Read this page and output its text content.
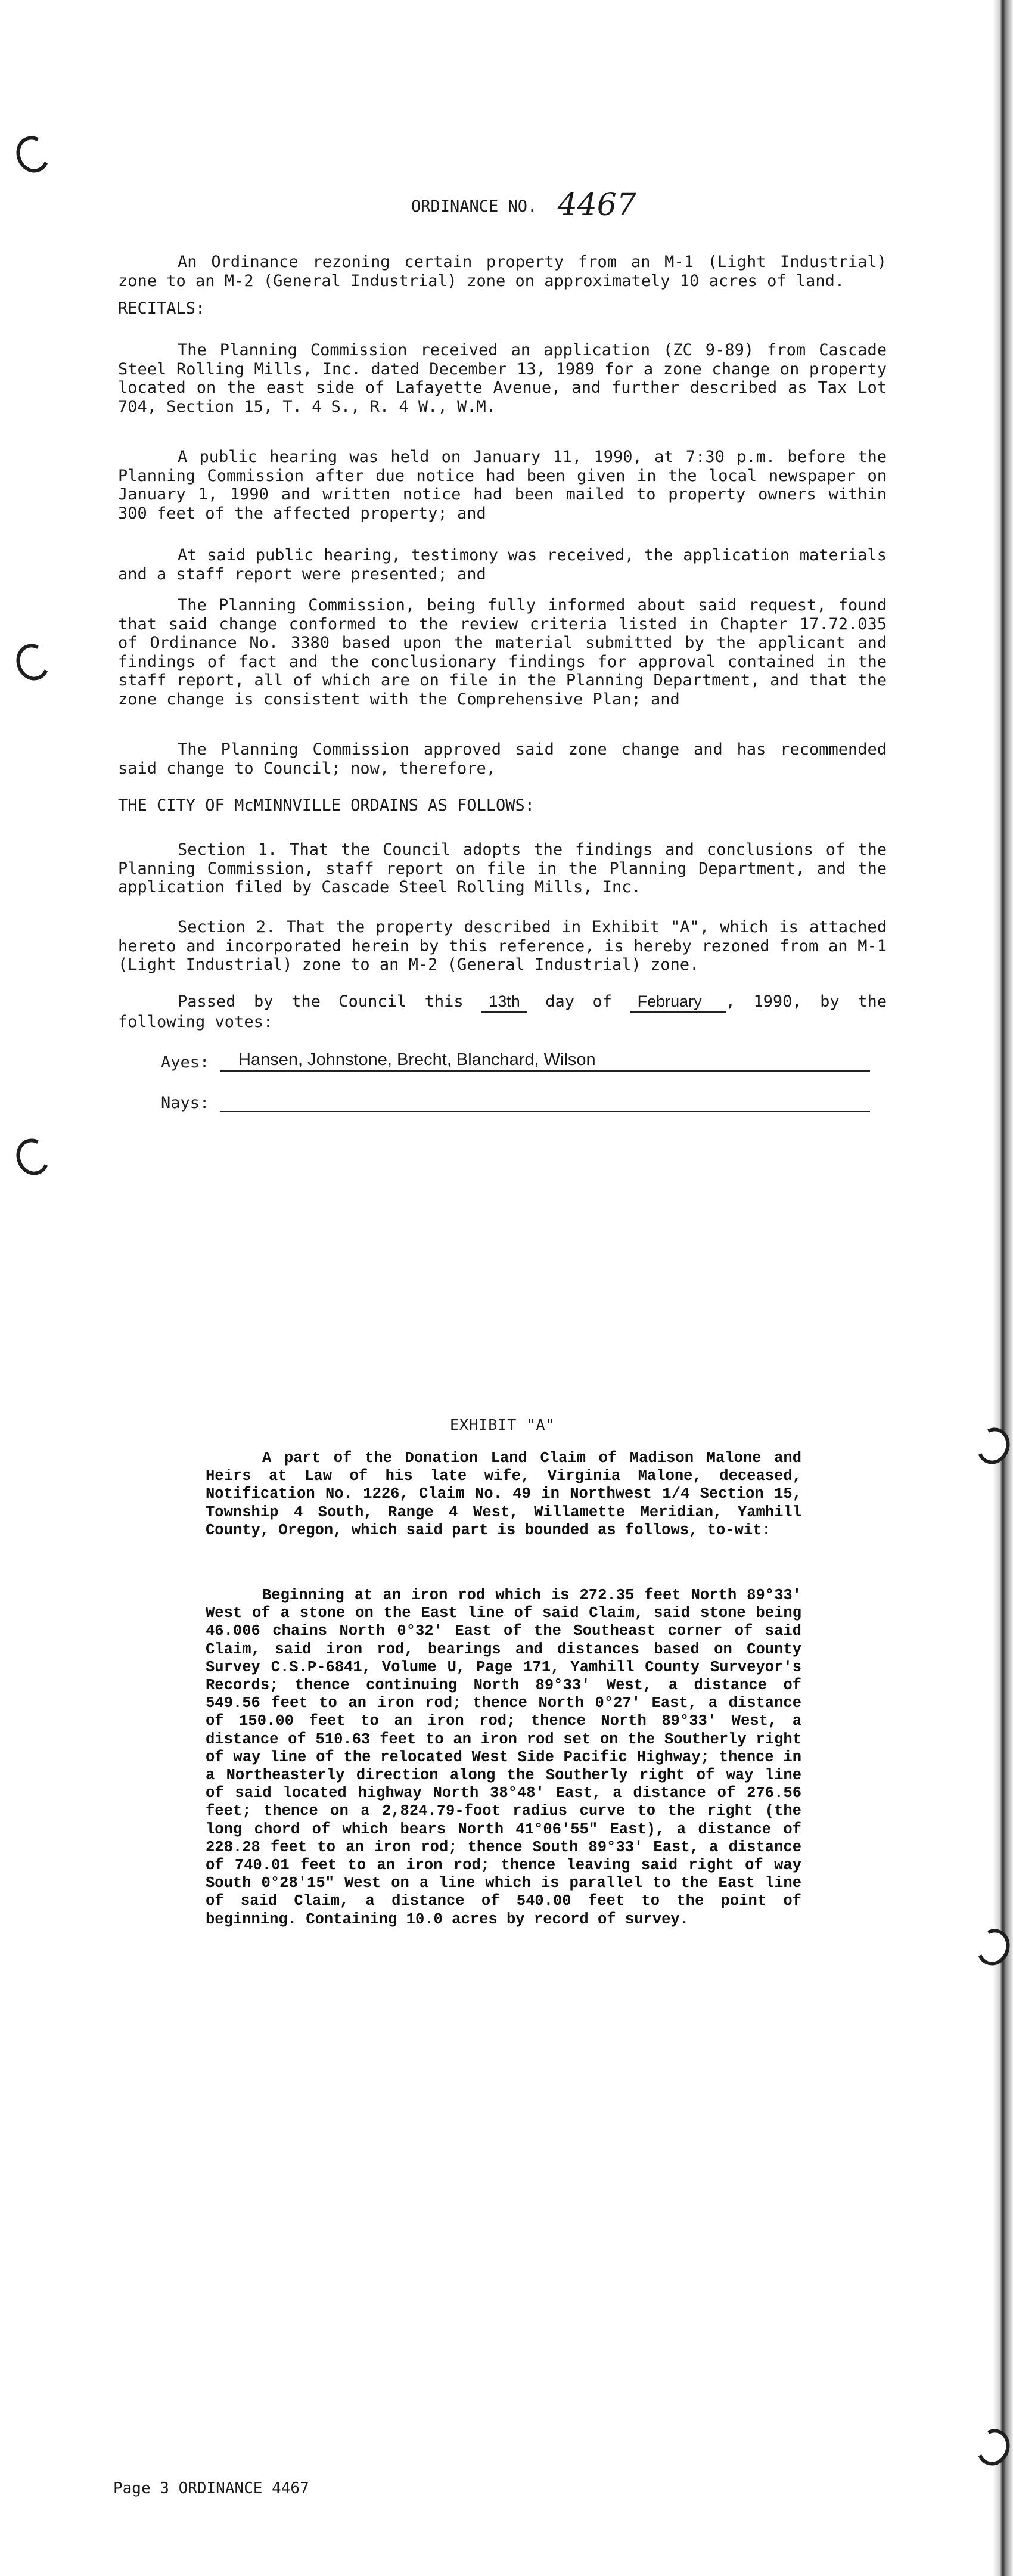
ORDINANCE NO. 4467

An Ordinance rezoning certain property from an M-1 (Light Industrial) zone to an M-2 (General Industrial) zone on approximately 10 acres of land.

RECITALS:

The Planning Commission received an application (ZC 9-89) from Cascade Steel Rolling Mills, Inc. dated December 13, 1989 for a zone change on property located on the east side of Lafayette Avenue, and further described as Tax Lot 704, Section 15, T. 4 S., R. 4 W., W.M.

A public hearing was held on January 11, 1990, at 7:30 p.m. before the Planning Commission after due notice had been given in the local newspaper on January 1, 1990 and written notice had been mailed to property owners within 300 feet of the affected property; and

At said public hearing, testimony was received, the application materials and a staff report were presented; and

The Planning Commission, being fully informed about said request, found that said change conformed to the review criteria listed in Chapter 17.72.035 of Ordinance No. 3380 based upon the material submitted by the applicant and findings of fact and the conclusionary findings for approval contained in the staff report, all of which are on file in the Planning Department, and that the zone change is consistent with the Comprehensive Plan; and

The Planning Commission approved said zone change and has recommended said change to Council; now, therefore,

THE CITY OF McMINNVILLE ORDAINS AS FOLLOWS:

Section 1. That the Council adopts the findings and conclusions of the Planning Commission, staff report on file in the Planning Department, and the application filed by Cascade Steel Rolling Mills, Inc.

Section 2. That the property described in Exhibit "A", which is attached hereto and incorporated herein by this reference, is hereby rezoned from an M-1 (Light Industrial) zone to an M-2 (General Industrial) zone.

Passed by the Council this 13th day of February , 1990, by the following votes:

Ayes:	Hansen, Johnstone, Brecht, Blanchard, Wilson
Nays:
EXHIBIT "A"

A part of the Donation Land Claim of Madison Malone and Heirs at Law of his late wife, Virginia Malone, deceased, Notification No. 1226, Claim No. 49 in Northwest 1/4 Section 15, Township 4 South, Range 4 West, Willamette Meridian, Yamhill County, Oregon, which said part is bounded as follows, to-wit:

Beginning at an iron rod which is 272.35 feet North 89°33' West of a stone on the East line of said Claim, said stone being 46.006 chains North 0°32' East of the Southeast corner of said Claim, said iron rod, bearings and distances based on County Survey C.S.P-6841, Volume U, Page 171, Yamhill County Surveyor's Records; thence continuing North 89°33' West, a distance of 549.56 feet to an iron rod; thence North 0°27' East, a distance of 150.00 feet to an iron rod; thence North 89°33' West, a distance of 510.63 feet to an iron rod set on the Southerly right of way line of the relocated West Side Pacific Highway; thence in a Northeasterly direction along the Southerly right of way line of said located highway North 38°48' East, a distance of 276.56 feet; thence on a 2,824.79-foot radius curve to the right (the long chord of which bears North 41°06'55" East), a distance of 228.28 feet to an iron rod; thence South 89°33' East, a distance of 740.01 feet to an iron rod; thence leaving said right of way South 0°28'15" West on a line which is parallel to the East line of said Claim, a distance of 540.00 feet to the point of beginning. Containing 10.0 acres by record of survey.

Page 3 ORDINANCE 4467
